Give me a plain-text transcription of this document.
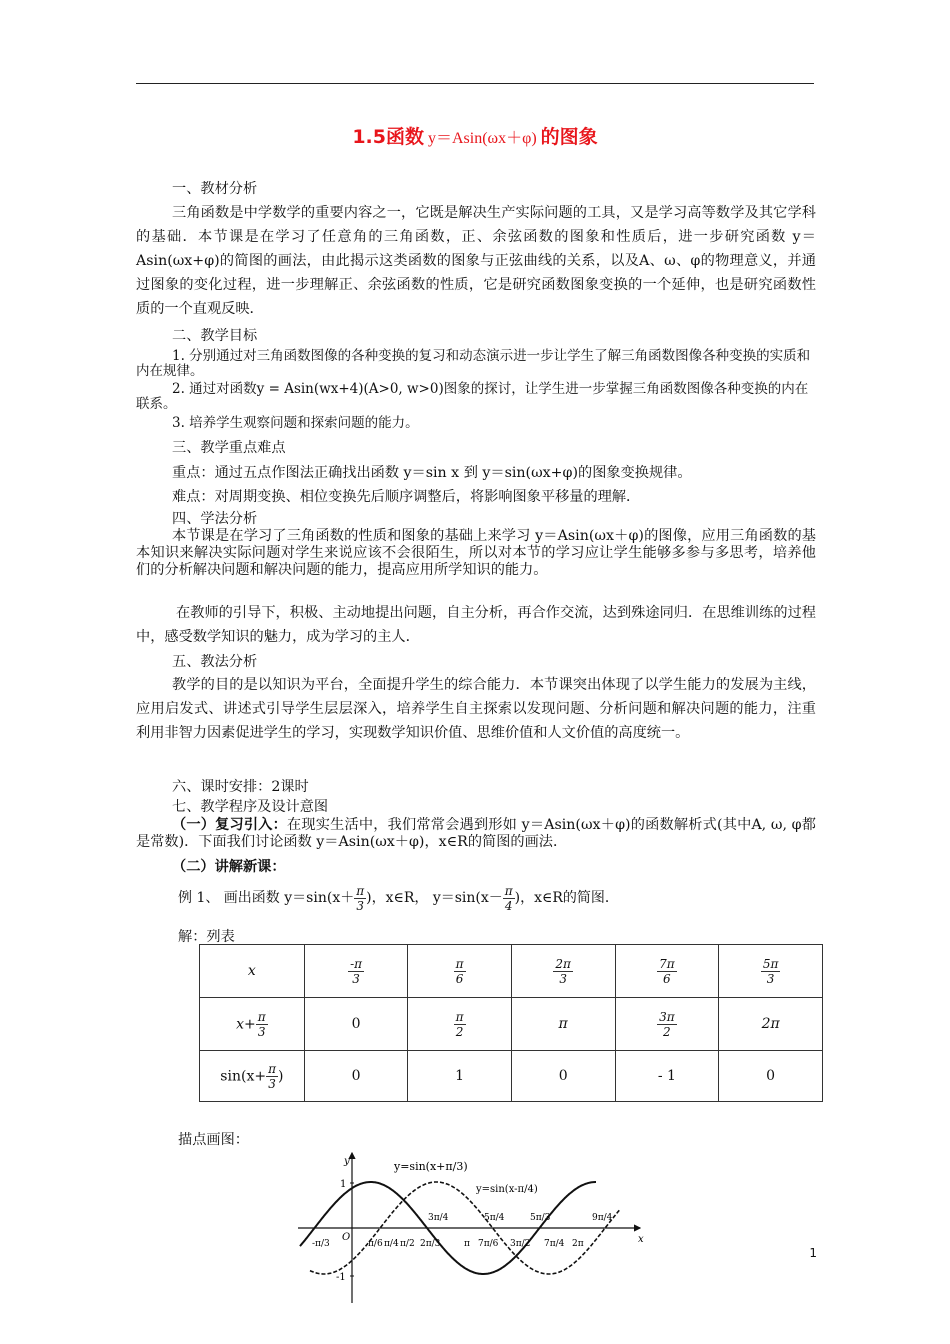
1.5函数 y＝Asin(ωx＋φ) 的图象
一、教材分析
三角函数是中学数学的重要内容之一，它既是解决生产实际问题的工具，又是学习高等数学及其它学科的基础．本节课是在学习了任意角的三角函数，正、余弦函数的图象和性质后，进一步研究函数 y＝Asin(ωx+φ)的简图的画法，由此揭示这类函数的图象与正弦曲线的关系，以及A、ω、φ的物理意义，并通过图象的变化过程，进一步理解正、余弦函数的性质，它是研究函数图象变换的一个延伸，也是研究函数性质的一个直观反映．
二、教学目标
1. 分别通过对三角函数图像的各种变换的复习和动态演示进一步让学生了解三角函数图像各种变换的实质和内在规律。
2. 通过对函数y = Asin(wx+4)(A>0, w>0)图象的探讨，让学生进一步掌握三角函数图像各种变换的内在联系。
3. 培养学生观察问题和探索问题的能力。
三、教学重点难点
重点：通过五点作图法正确找出函数 y＝sin x 到 y＝sin(ωx+φ)的图象变换规律。
难点：对周期变换、相位变换先后顺序调整后，将影响图象平移量的理解．
四、学法分析
本节课是在学习了三角函数的性质和图象的基础上来学习 y＝Asin(ωx＋φ)的图像，应用三角函数的基本知识来解决实际问题对学生来说应该不会很陌生，所以对本节的学习应让学生能够多参与多思考，培养他们的分析解决问题和解决问题的能力，提高应用所学知识的能力。
在教师的引导下，积极、主动地提出问题，自主分析，再合作交流，达到殊途同归．在思维训练的过程中，感受数学知识的魅力，成为学习的主人．
五、教法分析
教学的目的是以知识为平台，全面提升学生的综合能力．本节课突出体现了以学生能力的发展为主线，应用启发式、讲述式引导学生层层深入，培养学生自主探索以发现问题、分析问题和解决问题的能力，注重利用非智力因素促进学生的学习，实现数学知识价值、思维价值和人文价值的高度统一。
六、课时安排：2课时
七、教学程序及设计意图
（一）复习引入：在现实生活中，我们常常会遇到形如 y＝Asin(ωx＋φ)的函数解析式(其中A, ω, φ都是常数)．下面我们讨论函数 y＝Asin(ωx＋φ)，x∈R的简图的画法．
（二）讲解新课：
例 1、 画出函数 $y=\sin(x+ \frac{\pi}{3}$ )，x∈R， $y=\sin(x- \frac{\pi}{4}$ )，x∈R的简图．
解：列表
x	$\frac{-\pi}{3}$	$\frac{\pi}{6}$	$\frac{2\pi}{3}$	$\frac{7\pi}{6}$	$\frac{5\pi}{3}$

$x+ \frac{\pi}{3}$	0	$\frac{\pi}{2}$	π	$\frac{3\pi}{2}$	2π
$\sin(x+ \frac{\pi}{3}$ )	0	1	0	- 1	0
描点画图：
y
x
O
1
-1
y=sin(x+π/3)
y=sin(x-π/4)
-π/3	π/6 π/4 π/2 2π/3	π 7π/6 3π/2 7π/4 2π
3π/4	5π/4	5π/3	9π/4
1
